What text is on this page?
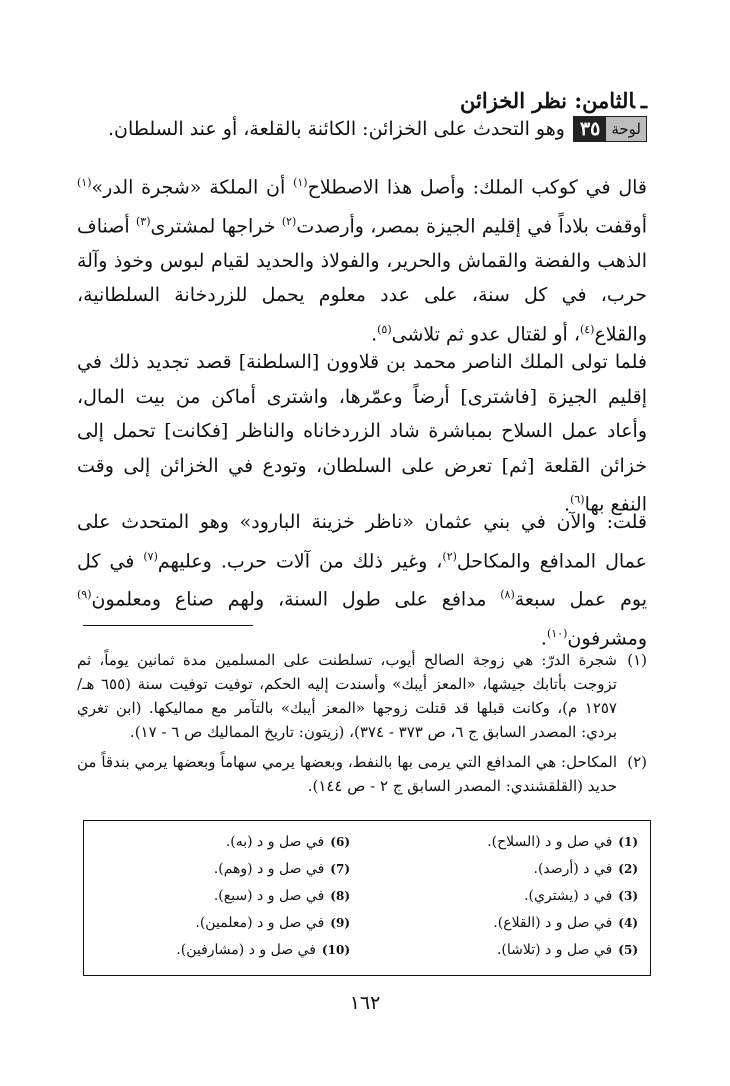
ـالثامن: نظر الخزائن
لوحة
٣٥
وهو التحدث على الخزائن: الكائنة بالقلعة، أو عند السلطان.
قال في كوكب الملك: وأصل هذا الاصطلاح$^{(١)}$ أن الملكة «شجرة الدر»$^{(١)}$ أوقفت بلاداً في إقليم الجيزة بمصر، وأرصدت$^{(٢)}$ خراجها لمشترى$^{(٣)}$ أصناف الذهب والفضة والقماش والحرير، والفولاذ والحديد لقيام لبوس وخوذ وآلة حرب، في كل سنة، على عدد معلوم يحمل للزردخانة السلطانية، والقلاع$^{(٤)}$، أو لقتال عدو ثم تلاشى$^{(٥)}$.
فلما تولى الملك الناصر محمد بن قلاوون [السلطنة] قصد تجديد ذلك في إقليم الجيزة [فاشترى] أرضاً وعمّرها، واشترى أماكن من بيت المال، وأعاد عمل السلاح بمباشرة شاد الزردخاناه والناظر [فكانت] تحمل إلى خزائن القلعة [ثم] تعرض على السلطان، وتودع في الخزائن إلى وقت النفع بها$^{(٦)}$.
قلت: والآن في بني عثمان «ناظر خزينة البارود» وهو المتحدث على عمال المدافع والمكاحل$^{(٢)}$، وغير ذلك من آلات حرب. وعليهم$^{(٧)}$ في كل يوم عمل سبعة$^{(٨)}$ مدافع على طول السنة، ولهم صناع ومعلمون$^{(٩)}$ ومشرفون$^{(١٠)}$.
(١)
شجرة الدرّ: هي زوجة الصالح أيوب، تسلطنت على المسلمين مدة ثمانين يوماً، ثم تزوجت بأتابك جيشها، «المعز أيبك» وأسندت إليه الحكم، توفيت توفيت سنة (٦٥٥ هـ/١٢٥٧ م)، وكانت قبلها قد قتلت زوجها «المعز أيبك» بالتآمر مع مماليكها. (ابن تغري بردي: المصدر السابق ج ٦، ص ٣٧٣ - ٣٧٤)، (زيتون: تاريخ المماليك ص ٦ - ١٧).
(٢)
المكاحل: هي المدافع التي يرمى بها بالنفط، وبعضها يرمي سهاماً وبعضها يرمي بندقاً من حديد (القلقشندي: المصدر السابق ج ٢ - ص ١٤٤).
(1)في صل و د (السلاح).
(2)في د (أرصد).
(3)في د (يشتري).
(4)في صل و د (القلاع).
(5)في صل و د (تلاشا).
(6)في صل و د (به).
(7)في صل و د (وهم).
(8)في صل و د (سبع).
(9)في صل و د (معلمين).
(10)في صل و د (مشارفين).
١٦٢
